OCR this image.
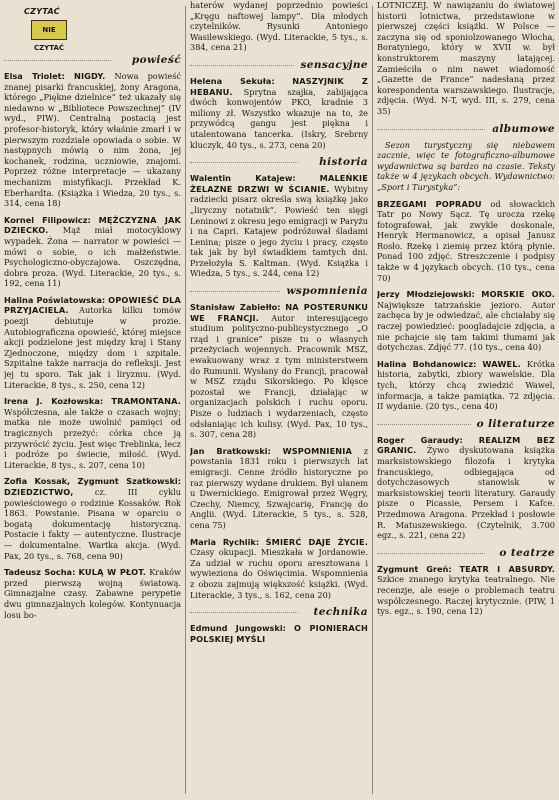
CZYTAĆ
NIE CZYTAĆ
powieść

Elsa Triolet: NIGDY. Nowa powieść znanej pisarki francuskiej, żony Aragona, którego „Piękne dzielnice” też ukazały się niedawno w „Bibliotece Powszechnej” (IV wyd., PIW). Centralną postacią jest profesor-historyk, który właśnie zmarł i w pierwszym rozdziale opowiada o sobie. W następnych mówią o nim żona, jej kochanek, rodzina, uczniowie, znajomi. Poprzez różne interpretacje — ukazany mechanizm mistyfikacji. Przekład K. Eberhardta. (Książka i Wiedza, 20 tys., s. 314, cena 18)

Kornel Filipowicz: MĘŻCZYZNA JAK DZIECKO. Mąż miał motocyklowy wypadek. Żona — narrator w powieści — mówi o sobie, o ich małżeństwie. Psychologiczno-obyczajowa. Oszczędna, dobra proza. (Wyd. Literackie, 20 tys., s. 192, cena 11)

Halina Poświatowska: OPOWIEŚĆ DLA PRZYJACIELA. Autorka kilku tomów poezji debiutuje w prozie. Autobiograficzna opowieść, której miejsce akcji podzielone jest między kraj i Stany Zjednoczone, między dom i szpitale. Szpitalne także narracja do refleksji. Jest jej tu sporo. Tak jak i liryzmu. (Wyd. Literackie, 8 tys., s. 250, cena 12)

Irena J. Kozłowska: TRAMONTANA. Współczesna, ale także o czasach wojny; matka nie może uwolnić pamięci od tragicznych przeżyć: córka chce ją przywrócić życiu. Jest więc Treblinka, lecz i podróże po świecie, miłość. (Wyd. Literackie, 8 tys., s. 207, cena 10)

Zofia Kossak, Zygmunt Szatkowski: DZIEDZICTWO, cz. III cyklu powieściowego o rodzinie Kossaków. Rok 1863. Powstanie. Pisana w oparciu o bogatą dokumentację historyczną. Postacie i fakty — autentyczne. Ilustracje — dokumentalne. Wartka akcja. (Wyd. Pax, 20 tys., s. 768, cena 90)

Tadeusz Socha: KULĄ W PŁOT. Kraków przed pierwszą wojną światową. Gimnazjalne czasy. Zabawne perypetie dwu gimnazjalnych kolegów. Kontynuacja losu bo-

haterów wydanej poprzednio powieści „Kręgu naftowej lampy”. Dla młodych czytelników. Rysunki Antoniego Wasilewskiego. (Wyd. Literackie, 5 tys., s. 384, cena 21)

sensacyjne

Helena Sekuła: NASZYJNIK Z HEBANU. Sprytna szajka, zabijająca dwóch konwojentów PKO, kradnie 3 miliony zł. Wszystko wkazuje na to, że przywódcą gangu jest piękna i utalentowana tancerka. (Iskry, Srebrny kluczyk, 40 tys., s. 273, cena 20)

historia

Walentin Katajew:	MALEŃKIE ŻELAZNE DRZWI W ŚCIANIE. Wybitny radziecki pisarz określa swą książkę jako „liryczny notatnik”. Powieść ten sięgi Leninowi z okresu jego emigracji w Paryżu i na Capri. Katajew podróżował śladami Lenina; pisze o jego życiu i pracy, często tak jak by był świadkiem tamtych dni. Przełożyła S. Kaltman. (Wyd. Książka i Wiedza, 5 tys., s. 244, cena 12)

wspomnienia

Stanisław Zabiełło: NA POSTERUNKU WE FRANCJI. Autor interesującego studium polityczno-publicystycznego „O rząd i granice” pisze tu o własnych przeżyciach wojennych. Pracownik MSZ, ewakuowany wraz z tym ministerstwem do Rumunii. Wysłany do Francji, pracował w MSZ rządu Sikorskiego. Po klęsce pozostał we Francji, działając w organizacjach polskich i ruchu oporu. Pisze o ludziach i wydarzeniach, często odsłaniając ich kulisy. (Wyd. Pax, 10 tys., s. 307, cena 28)

Jan Bratkowski: WSPOMNIENIA z powstania 1831 roku i pierwszych lat emigracji. Cenne źródło historyczne po raz pierwszy wydane drukiem. Był ułanem u Dwernickiego. Emigrował przez Węgry, Czechy, Niemcy, Szwajcarię, Francję do Anglii. (Wyd. Literackie, 5 tys., s. 528, cena 75)

Maria Rychlik: ŚMIERĆ DAJE ŻYCIE. Czasy okupacji. Mieszkała w Jordanowie. Za udział w ruchu oporu aresztowana i wywieziona do Oświęcimia. Wspomnienia z obozu zajmują większość książki. (Wyd. Literackie, 3 tys., s. 162, cena 20)

technika

Edmund Jungowski: O PIONIERACH POLSKIEJ MYŚLI

LOTNICZEJ. W nawiązaniu do światowej historii lotnictwa, przedstawione w pierwszej części książki. W Polsce — zaczyna się od sponiolzowanego Włocha, Boratyniego, który w XVII w. był konstruktorem maszyny latającej. Zamieściła o nim nawet wiadomość „Gazette de France” nadesłaną przez korespondenta warszawskiego. Ilustracje, zdjęcia. (Wyd. N-T, wyd. III, s. 279, cena 35)

albumowe

Sezon turystyczny się niebawem zacznie, więc te fotograficzno-albumowe wydawnictwa są bardzo na czasie. Teksty także w 4 językach obcych. Wydawnictwo: „Sport i Turystyka”:

BRZEGAMI POPRADU od słowackich Tatr po Nowy Sącz. Tę urocza rzekę fotografował, jak zwykle doskonale, Henryk Hermanowicz, a opisał Janusz Rosło. Rzekę i ziemię przez którą płynie. Ponad 100 zdjęć. Streszczenie i podpisy także w 4 językach obcych. (10 tys., cena 70)

Jerzy Młodziejowski: MORSKIE OKO. Największe tatrzańskie jezioro. Autor zachęca by je odwiedzać, ale chciałaby się raczej powiedzieć: poogladajcie zdjęcia, a nie pchajcie się tam takimi tłumami jak dotychczas. Zdjęć 77. (10 tys., cena 40)

Halina Bohdanowicz: WAWEL. Krótka historia, zabytki, zbiory wawelskie. Dla tych, którzy chcą zwiedzić Wawel, informacja, a także pamiątka. 72 zdjęcia. II wydanie. (20 tys., cena 40)

o literaturze

Roger Garaudy: REALIZM BEZ GRANIC. Żywo dyskutowana książka marksistowskiego filozofa i krytyka francuskiego, odbiegająca od dotychczasowych stanowisk w marksistowskiej teorii literatury. Garaudy pisze o Picassie, Persem i Kafce. Przedmowa Aragona. Przekład i posłowie R. Matuszewskiego. (Czytelnik, 3.700 egz., s. 221, cena 22)

o teatrze

Zygmunt Greń: TEATR I ABSURDY. Szkice znanego krytyka teatralnego. Nie recenzje, ale eseje o problemach teatru współczesnego. Raczej krytycznie. (PIW, 1 tys. egz., s. 190, cena 12)
